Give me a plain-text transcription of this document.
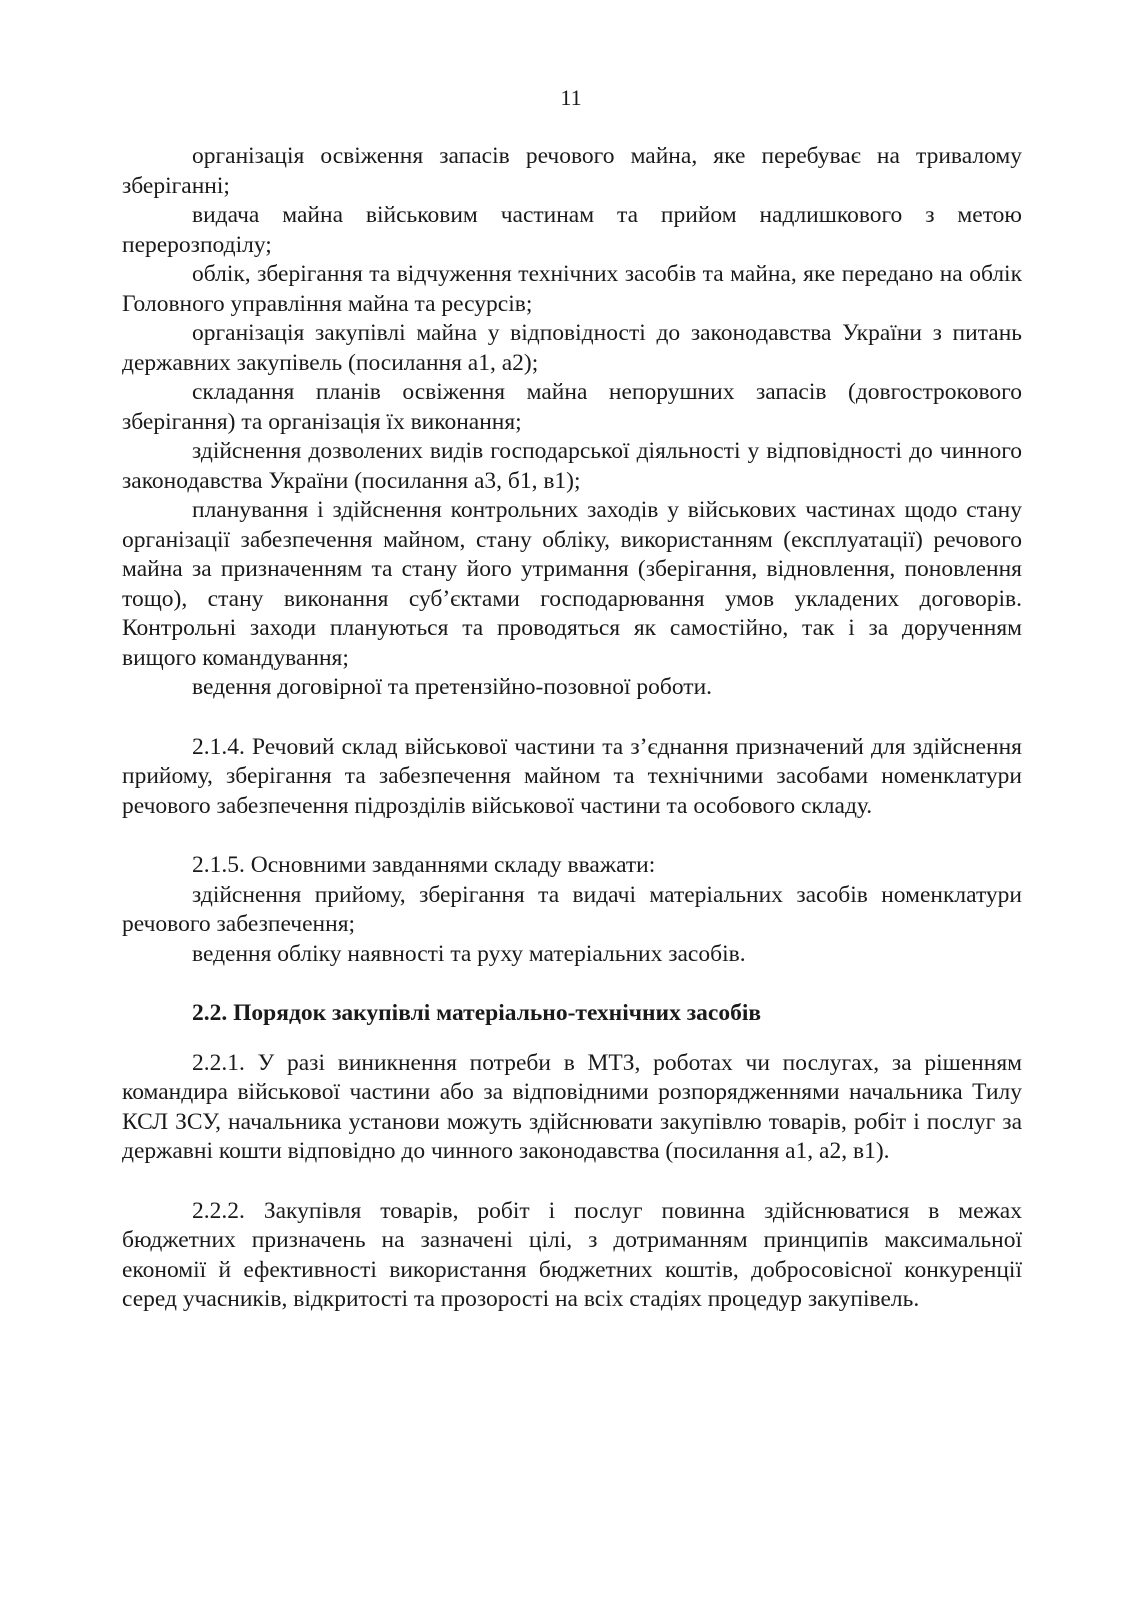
11

організація освіження запасів речового майна, яке перебуває на тривалому зберіганні;

видача майна військовим частинам та прийом надлишкового з метою перерозподілу;

облік, зберігання та відчуження технічних засобів та майна, яке передано на облік Головного управління майна та ресурсів;

організація закупівлі майна у відповідності до законодавства України з питань державних закупівель (посилання а1, а2);

складання планів освіження майна непорушних запасів (довгострокового зберігання) та організація їх виконання;

здійснення дозволених видів господарської діяльності у відповідності до чинного законодавства України (посилання а3, б1, в1);

планування і здійснення контрольних заходів у військових частинах щодо стану організації забезпечення майном, стану обліку, використанням (експлуатації) речового майна за призначенням та стану його утримання (зберігання, відновлення, поновлення тощо), стану виконання суб’єктами господарювання умов укладених договорів. Контрольні заходи плануються та проводяться як самостійно, так і за дорученням вищого командування;

ведення договірної та претензійно-позовної роботи.

2.1.4. Речовий склад військової частини та з’єднання призначений для здійснення прийому, зберігання та забезпечення майном та технічними засобами номенклатури речового забезпечення підрозділів військової частини та особового складу.

2.1.5. Основними завданнями складу вважати:

здійснення прийому, зберігання та видачі матеріальних засобів номенклатури речового забезпечення;

ведення обліку наявності та руху матеріальних засобів.

2.2. Порядок закупівлі матеріально-технічних засобів

2.2.1. У разі виникнення потреби в МТЗ, роботах чи послугах, за рішенням командира військової частини або за відповідними розпорядженнями начальника Тилу КСЛ ЗСУ, начальника установи можуть здійснювати закупівлю товарів, робіт і послуг за державні кошти відповідно до чинного законодавства (посилання а1, а2, в1).

2.2.2. Закупівля товарів, робіт і послуг повинна здійснюватися в межах бюджетних призначень на зазначені цілі, з дотриманням принципів максимальної економії й ефективності використання бюджетних коштів, добросовісної конкуренції серед учасників, відкритості та прозорості на всіх стадіях процедур закупівель.
